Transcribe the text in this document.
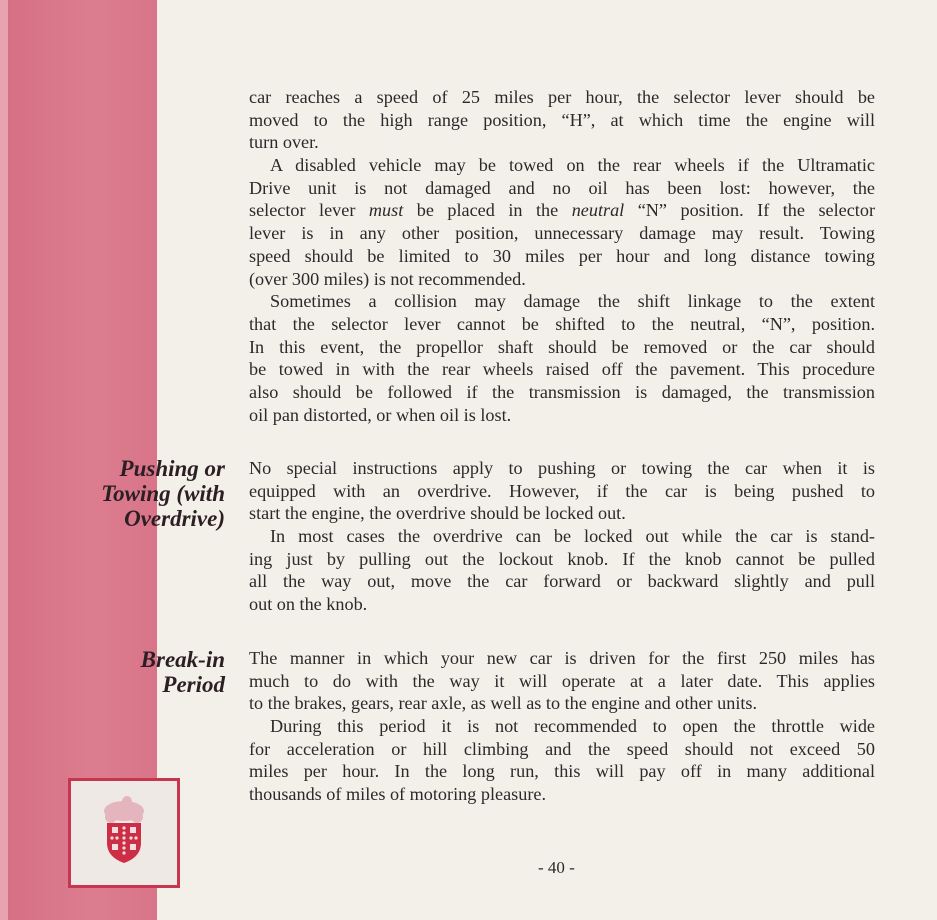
car reaches a speed of 25 miles per hour, the selector lever should be
moved to the high range position, “H”, at which time the engine will
turn over.
A disabled vehicle may be towed on the rear wheels if the Ultramatic
Drive unit is not damaged and no oil has been lost: however, the
selector lever must be placed in the neutral “N” position. If the selector
lever is in any other position, unnecessary damage may result. Towing
speed should be limited to 30 miles per hour and long distance towing
(over 300 miles) is not recommended.
Sometimes a collision may damage the shift linkage to the extent
that the selector lever cannot be shifted to the neutral, “N”, position.
In this event, the propellor shaft should be removed or the car should
be towed in with the rear wheels raised off the pavement. This procedure
also should be followed if the transmission is damaged, the transmission
oil pan distorted, or when oil is lost.
Pushing or
Towing (with
Overdrive)
No special instructions apply to pushing or towing the car when it is
equipped with an overdrive. However, if the car is being pushed to
start the engine, the overdrive should be locked out.
In most cases the overdrive can be locked out while the car is stand-
ing just by pulling out the lockout knob. If the knob cannot be pulled
all the way out, move the car forward or backward slightly and pull
out on the knob.
Break-in
Period
The manner in which your new car is driven for the first 250 miles has
much to do with the way it will operate at a later date. This applies
to the brakes, gears, rear axle, as well as to the engine and other units.
During this period it is not recommended to open the throttle wide
for acceleration or hill climbing and the speed should not exceed 50
miles per hour. In the long run, this will pay off in many additional
thousands of miles of motoring pleasure.
- 40 -
